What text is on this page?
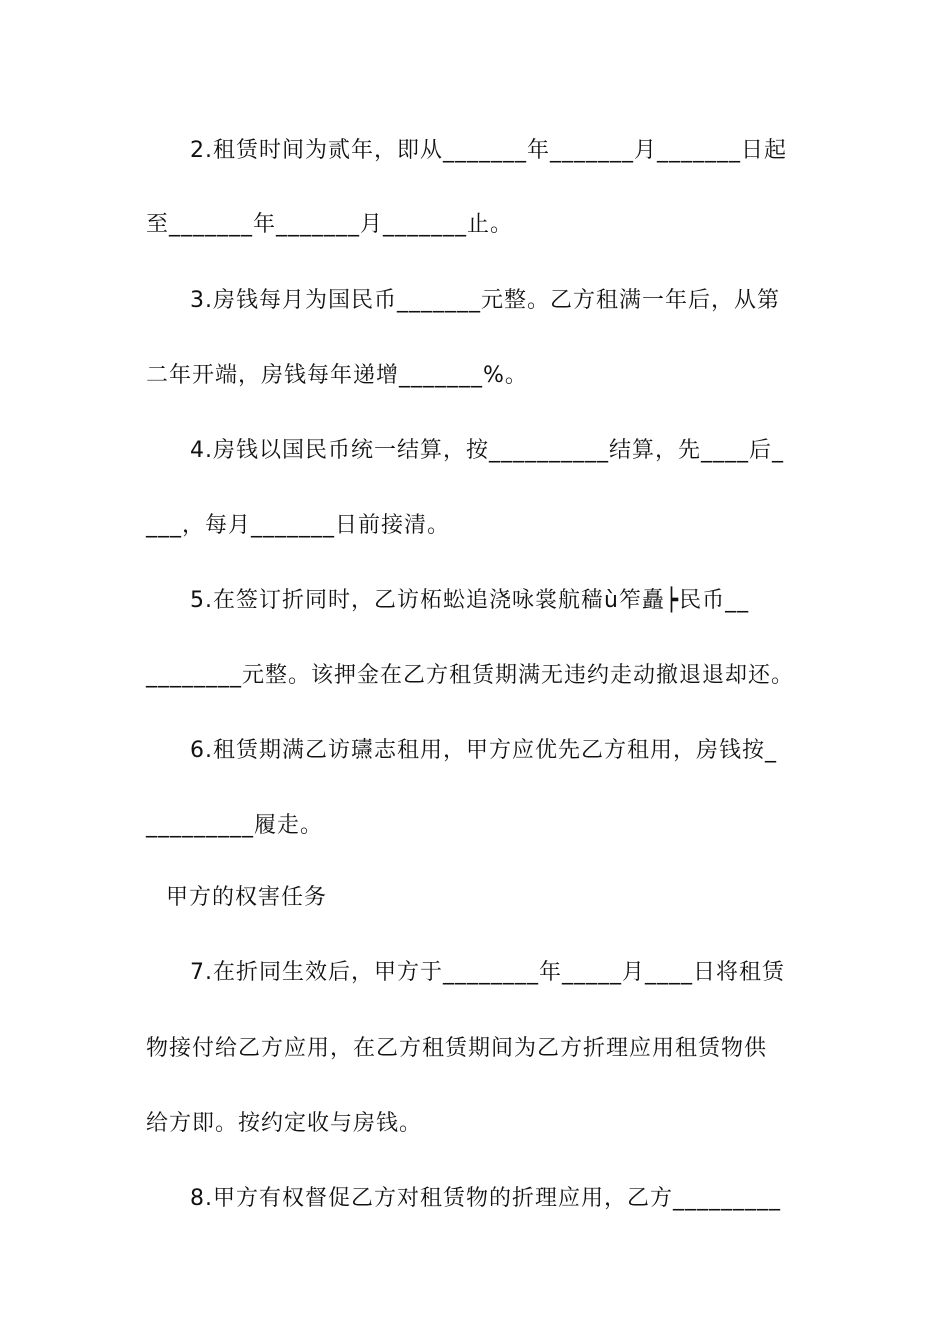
2.租赁时间为贰年，即从_______年_______月_______日起
至_______年_______月_______止。
3.房钱每月为国民币_______元整。乙方租满一年后，从第
二年开端，房钱每年递增_______%。
4.房钱以国民币统一结算，按__________结算，先____后_
___，每月_______日前接清。
5.在签订折同时，乙访柘蚣追浇咏裳航穑ù笮矗┝民币__
________元整。该押金在乙方租赁期满无违约走动撤退退却还。
6.租赁期满乙访瓙志租用，甲方应优先乙方租用，房钱按_
_________履走。
甲方的权害任务
7.在折同生效后，甲方于________年_____月____日将租赁
物接付给乙方应用，在乙方租赁期间为乙方折理应用租赁物供
给方即。按约定收与房钱。
8.甲方有权督促乙方对租赁物的折理应用，乙方_________
